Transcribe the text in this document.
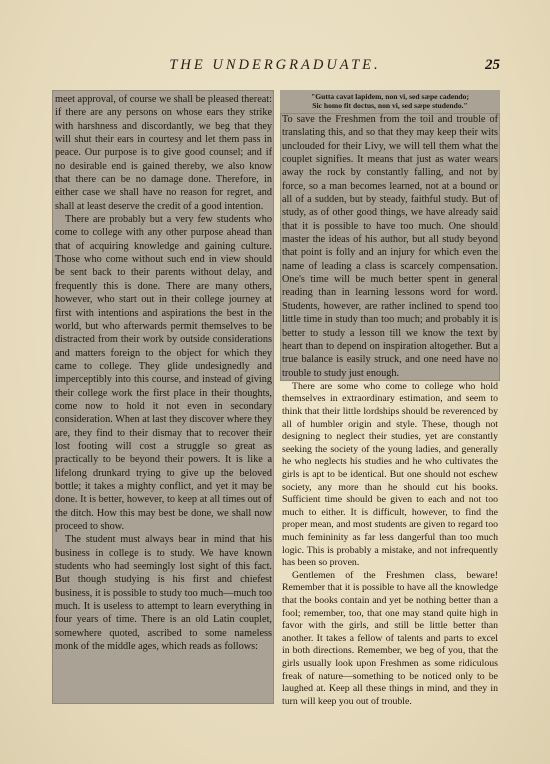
THE UNDERGRADUATE.	25

meet approval, of course we shall be pleased thereat: if there are any persons on whose ears they strike with harshness and discordantly, we beg that they will shut their ears in courtesy and let them pass in peace. Our purpose is to give good counsel; and if no desirable end is gained thereby, we also know that there can be no damage done. Therefore, in either case we shall have no reason for regret, and shall at least deserve the credit of a good intention.

There are probably but a very few students who come to college with any other purpose ahead than that of acquiring knowledge and gaining culture. Those who come without such end in view should be sent back to their parents without delay, and frequently this is done. There are many others, however, who start out in their college journey at first with intentions and aspirations the best in the world, but who afterwards permit themselves to be distracted from their work by outside considerations and matters foreign to the object for which they came to college. They glide undesignedly and imperceptibly into this course, and instead of giving their college work the first place in their thoughts, come now to hold it not even in secondary consideration. When at last they discover where they are, they find to their dismay that to recover their lost footing will cost a struggle so great as practically to be beyond their powers. It is like a lifelong drunkard trying to give up the beloved bottle; it takes a mighty conflict, and yet it may be done. It is better, however, to keep at all times out of the ditch. How this may best be done, we shall now proceed to show.

The student must always bear in mind that his business in college is to study. We have known students who had seemingly lost sight of this fact. But though studying is his first and chiefest business, it is possible to study too much—much too much. It is useless to attempt to learn everything in four years of time. There is an old Latin couplet, somewhere quoted, ascribed to some nameless monk of the middle ages, which reads as follows:

"Gutta cavat lapidem, non vi, sed sæpe cadendo;
Sic homo fit doctus, non vi, sed sæpe studendo."

To save the Freshmen from the toil and trouble of translating this, and so that they may keep their wits unclouded for their Livy, we will tell them what the couplet signifies. It means that just as water wears away the rock by constantly falling, and not by force, so a man becomes learned, not at a bound or all of a sudden, but by steady, faithful study. But of study, as of other good things, we have already said that it is possible to have too much. One should master the ideas of his author, but all study beyond that point is folly and an injury for which even the name of leading a class is scarcely compensation. One's time will be much better spent in general reading than in learning lessons word for word. Students, however, are rather inclined to spend too little time in study than too much; and probably it is better to study a lesson till we know the text by heart than to depend on inspiration altogether. But a true balance is easily struck, and one need have no trouble to study just enough.

There are some who come to college who hold themselves in extraordinary estimation, and seem to think that their little lordships should be reverenced by all of humbler origin and style. These, though not designing to neglect their studies, yet are constantly seeking the society of the young ladies, and generally he who neglects his studies and he who cultivates the girls is apt to be identical. But one should not eschew society, any more than he should cut his books. Sufficient time should be given to each and not too much to either. It is difficult, however, to find the proper mean, and most students are given to regard too much femininity as far less dangerful than too much logic. This is probably a mistake, and not infrequently has been so proven.

Gentlemen of the Freshmen class, beware! Remember that it is possible to have all the knowledge that the books contain and yet be nothing better than a fool; remember, too, that one may stand quite high in favor with the girls, and still be little better than another. It takes a fellow of talents and parts to excel in both directions. Remember, we beg of you, that the girls usually look upon Freshmen as some ridiculous freak of nature—something to be noticed only to be laughed at. Keep all these things in mind, and they in turn will keep you out of trouble.
